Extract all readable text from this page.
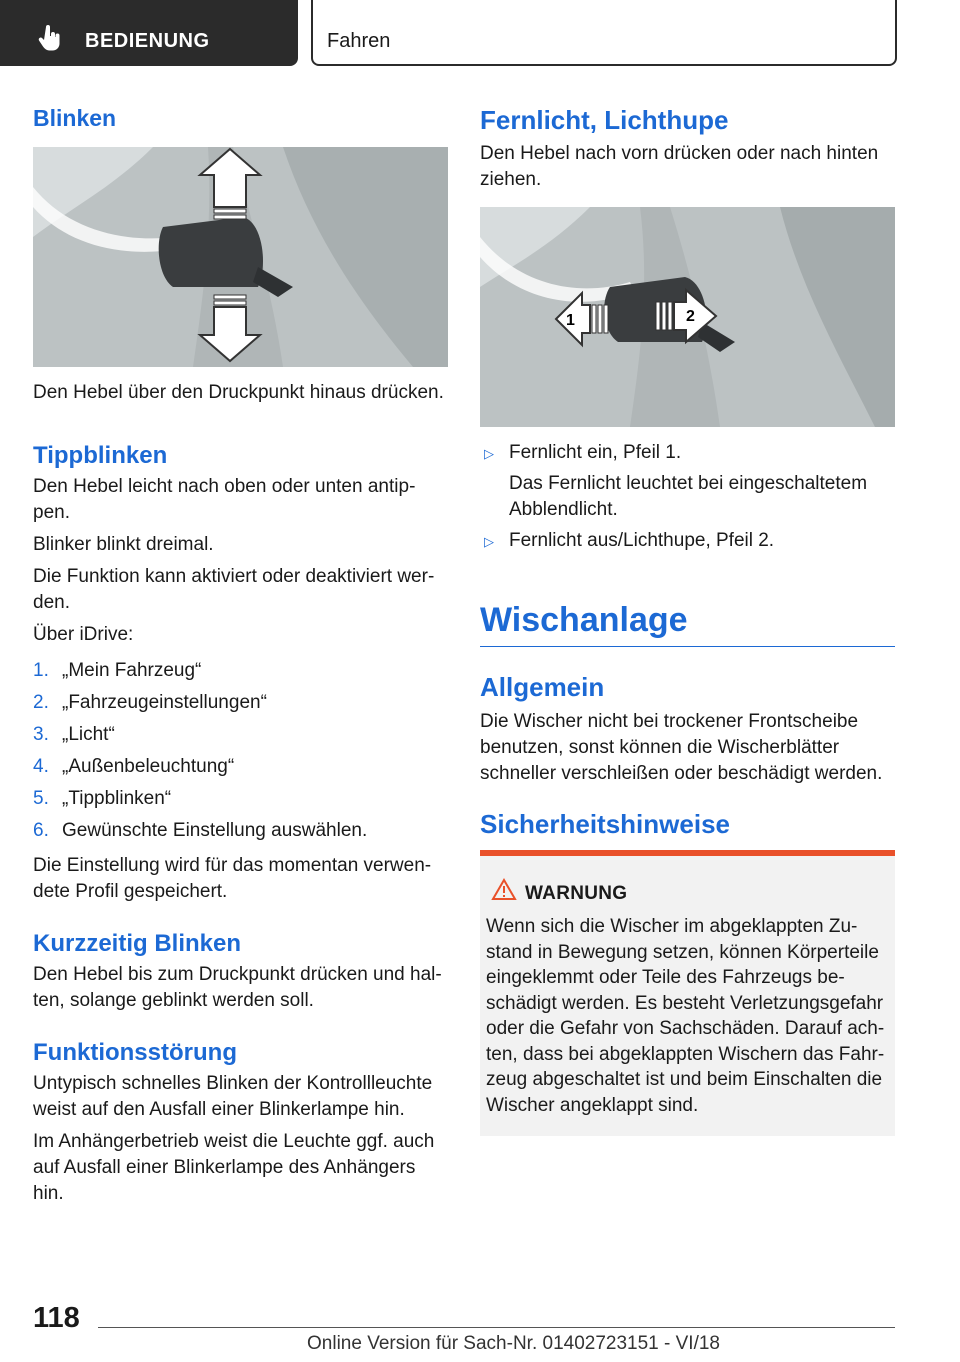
BEDIENUNG	Fahren
Blinken

Den Hebel über den Druckpunkt hinaus drücken.

Tippblinken

Den Hebel leicht nach oben oder unten antippen.

Blinker blinkt dreimal.

Die Funktion kann aktiviert oder deaktiviert werden.

Über iDrive:

1. „Mein Fahrzeug“
2. „Fahrzeugeinstellungen“
3. „Licht“
4. „Außenbeleuchtung“
5. „Tippblinken“
6. Gewünschte Einstellung auswählen.

Die Einstellung wird für das momentan verwendete Profil gespeichert.

Kurzzeitig Blinken

Den Hebel bis zum Druckpunkt drücken und halten, solange geblinkt werden soll.

Funktionsstörung

Untypisch schnelles Blinken der Kontrollleuchte weist auf den Ausfall einer Blinkerlampe hin.

Im Anhängerbetrieb weist die Leuchte ggf. auch auf Ausfall einer Blinkerlampe des Anhängers hin.

Fernlicht, Lichthupe

Den Hebel nach vorn drücken oder nach hinten ziehen.

1	2
▷ Fernlicht ein, Pfeil 1.

Das Fernlicht leuchtet bei eingeschaltetem Abblendlicht.

▷ Fernlicht aus/Lichthupe, Pfeil 2.

Wischanlage
Allgemein

Die Wischer nicht bei trockener Frontscheibe benutzen, sonst können die Wischerblätter schneller verschleißen oder beschädigt werden.

Sicherheitshinweise
WARNUNG
Wenn sich die Wischer im abgeklappten Zustand in Bewegung setzen, können Körperteile eingeklemmt oder Teile des Fahrzeugs beschädigt werden. Es besteht Verletzungsgefahr oder die Gefahr von Sachschäden. Darauf achten, dass bei abgeklappten Wischern das Fahrzeug abgeschaltet ist und beim Einschalten die Wischer angeklappt sind.
118
Online Version für Sach-Nr. 01402723151 - VI/18
